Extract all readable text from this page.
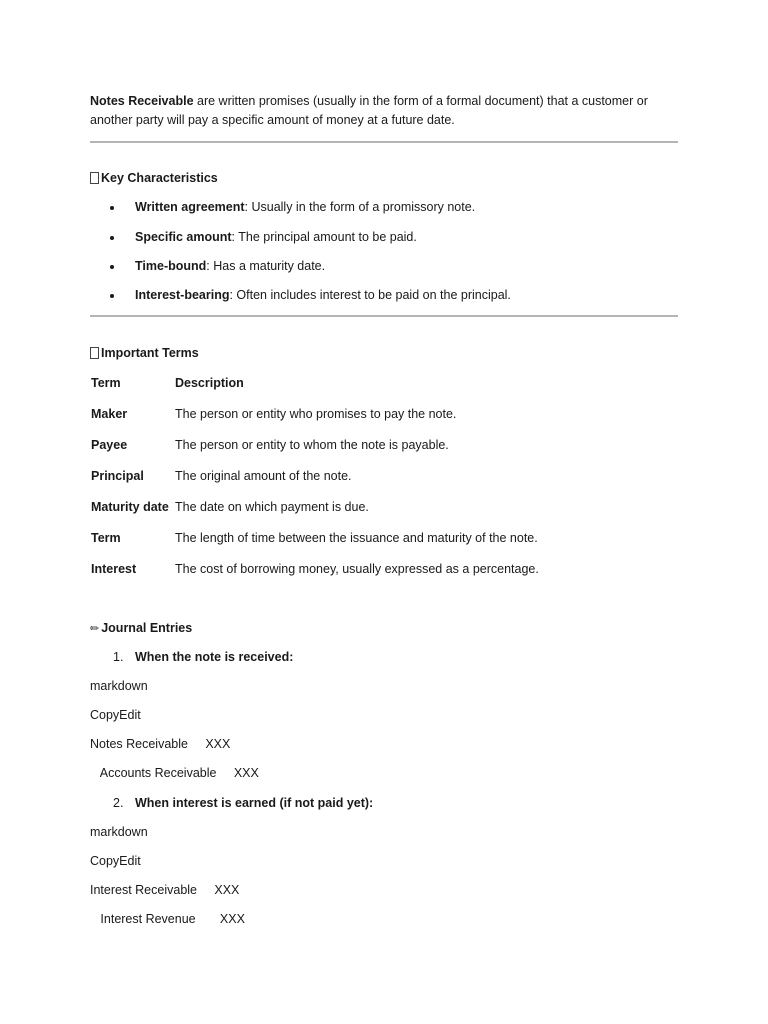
Notes Receivable are written promises (usually in the form of a formal document) that a customer or
another party will pay a specific amount of money at a future date.
Key Characteristics
Written agreement: Usually in the form of a promissory note.
Specific amount: The principal amount to be paid.
Time-bound: Has a maturity date.
Interest-bearing: Often includes interest to be paid on the principal.
Important Terms
Term	Description
Maker	The person or entity who promises to pay the note.
Payee	The person or entity to whom the note is payable.
Principal The original amount of the note.
Maturity date The date on which payment is due.
Term	The length of time between the issuance and maturity of the note.
Interest	The cost of borrowing money, usually expressed as a percentage.
✏ Journal Entries
1. When the note is received:
markdown
CopyEdit
Notes Receivable     XXX
Accounts Receivable     XXX
2. When interest is earned (if not paid yet):
markdown
CopyEdit
Interest Receivable     XXX
Interest Revenue       XXX
